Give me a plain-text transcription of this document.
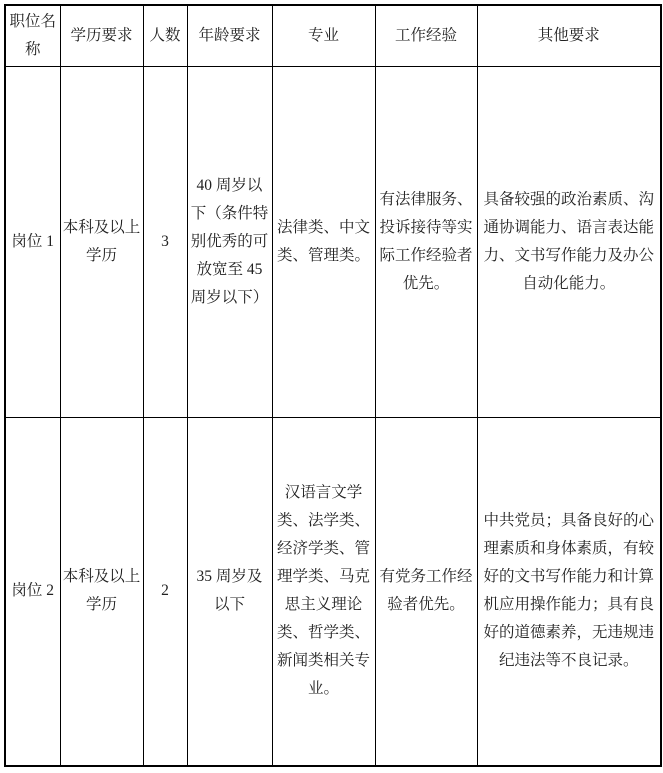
职位名称	学历要求	人数	年龄要求	专业	工作经验	其他要求
岗位 1	本科及以上学历	3	40 周岁以下（条件特别优秀的可放宽至 45 周岁以下）	法律类、中文类、管理类。	有法律服务、投诉接待等实际工作经验者优先。	具备较强的政治素质、沟通协调能力、语言表达能力、文书写作能力及办公自动化能力。
岗位 2	本科及以上学历	2	35 周岁及以下	汉语言文学类、法学类、经济学类、管理学类、马克思主义理论类、哲学类、新闻类相关专业。	有党务工作经验者优先。	中共党员；具备良好的心理素质和身体素质，有较好的文书写作能力和计算机应用操作能力；具有良好的道德素养，无违规违纪违法等不良记录。
